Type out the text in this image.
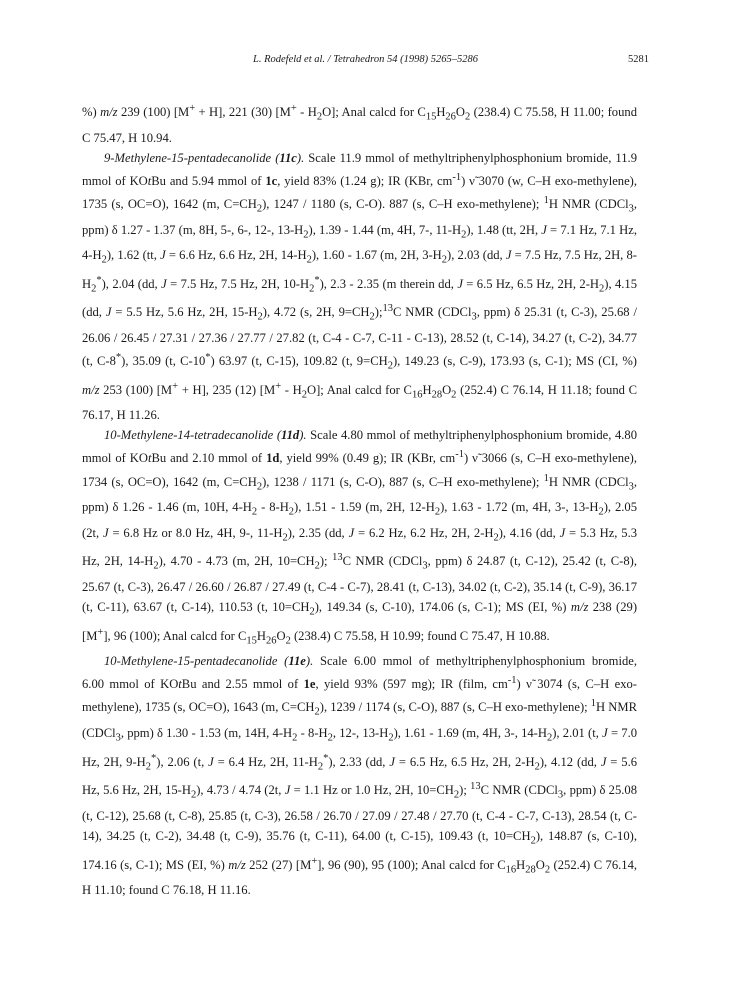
L. Rodefeld et al. / Tetrahedron 54 (1998) 5265–5286	5281

%) m/z 239 (100) [M+ + H], 221 (30) $[M^+ - H_2O]$; Anal calcd for $C_{15}H_{26}O_2$ (238.4) C 75.58, H 11.00; found C 75.47, H 10.94.

9-Methylene-15-pentadecanolide (11c). Scale 11.9 mmol of methyltriphenylphosphonium bromide, 11.9 mmol of KOtBu and 5.94 mmol of 1c, yield 83% (1.24 g); IR (KBr, $cm^{-1}$) ν̃ 3070 (w, C–H exo-methylene), 1735 (s, OC=O), 1642 (m, $C=CH_2$), 1247 / 1180 (s, C-O). 887 (s, C–H exo-methylene); $^1$H NMR (CDCl$_3$, ppm) δ 1.27 - 1.37 (m, 8H, 5-, 6-, 12-, $13-H_2$), 1.39 - 1.44 (m, 4H, 7-, $11-H_2$), 1.48 (tt, 2H, J = 7.1 Hz, 7.1 Hz, $4-H_2$), 1.62 (tt, J = 6.6 Hz, 6.6 Hz, 2H, $14-H_2$), 1.60 - 1.67 (m, 2H, $3-H_2$), 2.03 (dd, J = 7.5 Hz, 7.5 Hz, 2H, $8-H_2^*$), 2.04 (dd, J = 7.5 Hz, 7.5 Hz, 2H, $10-H_2^*$), 2.3 - 2.35 (m therein dd, J = 6.5 Hz, 6.5 Hz, 2H, $2-H_2$), 4.15 (dd, J = 5.5 Hz, 5.6 Hz, 2H, $15-H_2$), 4.72 (s, 2H, $9=CH_2);^{13}C$ NMR (CDCl$_3$, ppm) δ 25.31 (t, C-3), 25.68 / 26.06 / 26.45 / 27.31 / 27.36 / 27.77 / 27.82 (t, C-4 - C-7, C-11 - C-13), 28.52 (t, C-14), 34.27 (t, C-2), 34.77 (t, C-8*), 35.09 (t, C-10*) 63.97 (t, C-15), 109.82 (t, $9=CH_2$), 149.23 (s, C-9), 173.93 (s, C-1); MS (CI, %) m/z 253 (100) [M+ + H], 235 (12) $[M^+ - H_2O]$; Anal calcd for $C_{16}H_{28}O_2$ (252.4) C 76.14, H 11.18; found C 76.17, H 11.26.

10-Methylene-14-tetradecanolide (11d). Scale 4.80 mmol of methyltriphenylphosphonium bromide, 4.80 mmol of KOtBu and 2.10 mmol of 1d, yield 99% (0.49 g); IR (KBr, $cm^{-1}$) ν̃ 3066 (s, C–H exo-methylene), 1734 (s, OC=O), 1642 (m, $C=CH_2$), 1238 / 1171 (s, C-O), 887 (s, C–H exo-methylene); $^1$H NMR (CDCl$_3$, ppm) δ 1.26 - 1.46 (m, 10H, $4-H_2 - 8-H_2$), 1.51 - 1.59 (m, 2H, $12-H_2$), 1.63 - 1.72 (m, 4H, 3-, $13-H_2$), 2.05 (2t, J = 6.8 Hz or 8.0 Hz, 4H, 9-, $11-H_2$), 2.35 (dd, J = 6.2 Hz, 6.2 Hz, 2H, $2-H_2$), 4.16 (dd, J = 5.3 Hz, 5.3 Hz, 2H, $14-H_2$), 4.70 - 4.73 (m, 2H, $10=CH_2$); $^{13}$C NMR (CDCl$_3$, ppm) δ 24.87 (t, C-12), 25.42 (t, C-8), 25.67 (t, C-3), 26.47 / 26.60 / 26.87 / 27.49 (t, C-4 - C-7), 28.41 (t, C-13), 34.02 (t, C-2), 35.14 (t, C-9), 36.17 (t, C-11), 63.67 (t, C-14), 110.53 (t, $10=CH_2$), 149.34 (s, C-10), 174.06 (s, C-1); MS (EI, %) m/z 238 (29) [M+], 96 (100); Anal calcd for $C_{15}H_{26}O_2$ (238.4) C 75.58, H 10.99; found C 75.47, H 10.88.

10-Methylene-15-pentadecanolide (11e). Scale 6.00 mmol of methyltriphenylphosphonium bromide, 6.00 mmol of KOtBu and 2.55 mmol of 1e, yield 93% (597 mg); IR (film, $cm^{-1}$) ν̃ 3074 (s, C–H exo-methylene), 1735 (s, OC=O), 1643 (m, $C=CH_2$), 1239 / 1174 (s, C-O), 887 (s, C–H exo-methylene); $^1$H NMR (CDCl$_3$, ppm) δ 1.30 - 1.53 (m, 14H, $4-H_2 - 8-H_2$, 12-, $13-H_2$), 1.61 - 1.69 (m, 4H, 3-, $14-H_2$), 2.01 (t, J = 7.0 Hz, 2H, $9-H_2^*$), 2.06 (t, J = 6.4 Hz, 2H, $11-H_2^*$), 2.33 (dd, J = 6.5 Hz, 6.5 Hz, 2H, $2-H_2$), 4.12 (dd, J = 5.6 Hz, 5.6 Hz, 2H, $15-H_2$), 4.73 / 4.74 (2t, J = 1.1 Hz or 1.0 Hz, 2H, $10=CH_2$); $^{13}$C NMR (CDCl$_3$, ppm) δ 25.08 (t, C-12), 25.68 (t, C-8), 25.85 (t, C-3), 26.58 / 26.70 / 27.09 / 27.48 / 27.70 (t, C-4 - C-7, C-13), 28.54 (t, C-14), 34.25 (t, C-2), 34.48 (t, C-9), 35.76 (t, C-11), 64.00 (t, C-15), 109.43 (t, $10=CH_2$), 148.87 (s, C-10), 174.16 (s, C-1); MS (EI, %) m/z 252 (27) [M+], 96 (90), 95 (100); Anal calcd for $C_{16}H_{28}O_2$ (252.4) C 76.14, H 11.10; found C 76.18, H 11.16.
